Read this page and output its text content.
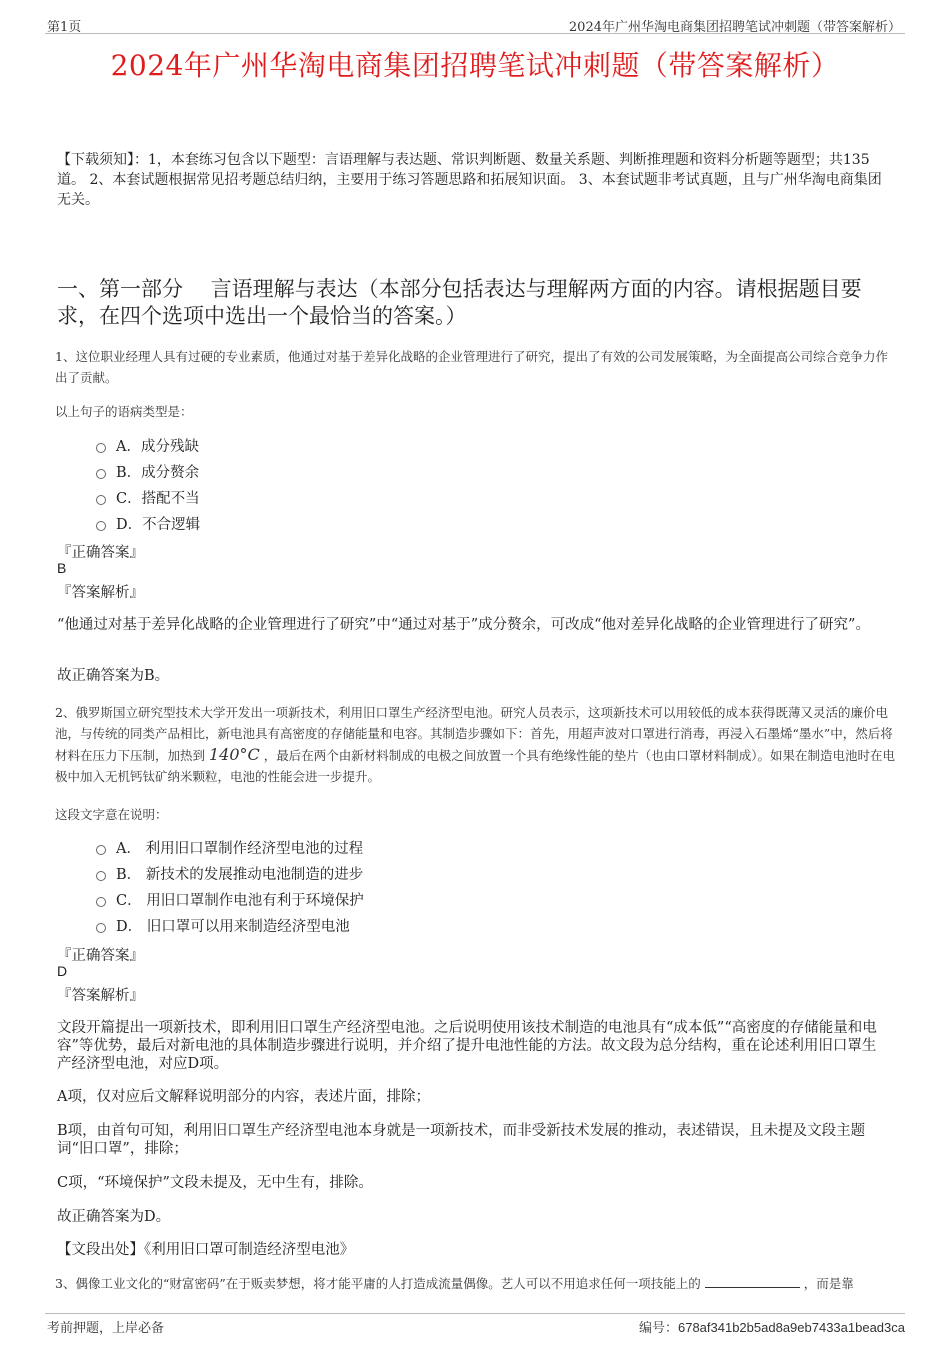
第1页	2024年广州华淘电商集团招聘笔试冲刺题（带答案解析）
2024年广州华淘电商集团招聘笔试冲刺题（带答案解析）
【下载须知】：1，本套练习包含以下题型：言语理解与表达题、常识判断题、数量关系题、判断推理题和资料分析题等题型；共135道。 2、本套试题根据常见招考题总结归纳，主要用于练习答题思路和拓展知识面。 3、本套试题非考试真题，且与广州华淘电商集团无关。
一、第一部分　 言语理解与表达（本部分包括表达与理解两方面的内容。请根据题目要求，在四个选项中选出一个最恰当的答案。）
1、这位职业经理人具有过硬的专业素质，他通过对基于差异化战略的企业管理进行了研究，提出了有效的公司发展策略，为全面提高公司综合竞争力作出了贡献。
以上句子的语病类型是：
A．成分残缺
B．成分赘余
C．搭配不当
D．不合逻辑
『正确答案』
B
『答案解析』
“他通过对基于差异化战略的企业管理进行了研究”中“通过对基于”成分赘余，可改成“他对差异化战略的企业管理进行了研究”。
故正确答案为B。
2、俄罗斯国立研究型技术大学开发出一项新技术，利用旧口罩生产经济型电池。研究人员表示，这项新技术可以用较低的成本获得既薄又灵活的廉价电池，与传统的同类产品相比，新电池具有高密度的存储能量和电容。其制造步骤如下：首先，用超声波对口罩进行消毒，再浸入石墨烯“墨水”中，然后将材料在压力下压制，加热到 140°C ，最后在两个由新材料制成的电极之间放置一个具有绝缘性能的垫片（也由口罩材料制成）。如果在制造电池时在电极中加入无机钙钛矿纳米颗粒，电池的性能会进一步提升。
这段文字意在说明：
A． 利用旧口罩制作经济型电池的过程
B． 新技术的发展推动电池制造的进步
C． 用旧口罩制作电池有利于环境保护
D． 旧口罩可以用来制造经济型电池
『正确答案』
D
『答案解析』
文段开篇提出一项新技术，即利用旧口罩生产经济型电池。之后说明使用该技术制造的电池具有“成本低”“高密度的存储能量和电容”等优势，最后对新电池的具体制造步骤进行说明，并介绍了提升电池性能的方法。故文段为总分结构，重在论述利用旧口罩生产经济型电池，对应D项。
A项，仅对应后文解释说明部分的内容，表述片面，排除；
B项，由首句可知，利用旧口罩生产经济型电池本身就是一项新技术，而非受新技术发展的推动，表述错误，且未提及文段主题词“旧口罩”，排除；
C项，“环境保护”文段未提及，无中生有，排除。
故正确答案为D。
【文段出处】《利用旧口罩可制造经济型电池》
3、偶像工业文化的“财富密码”在于贩卖梦想，将才能平庸的人打造成流量偶像。艺人可以不用追求任何一项技能上的	，而是靠
考前押题，上岸必备	编号：678af341b2b5ad8a9eb7433a1bead3ca
